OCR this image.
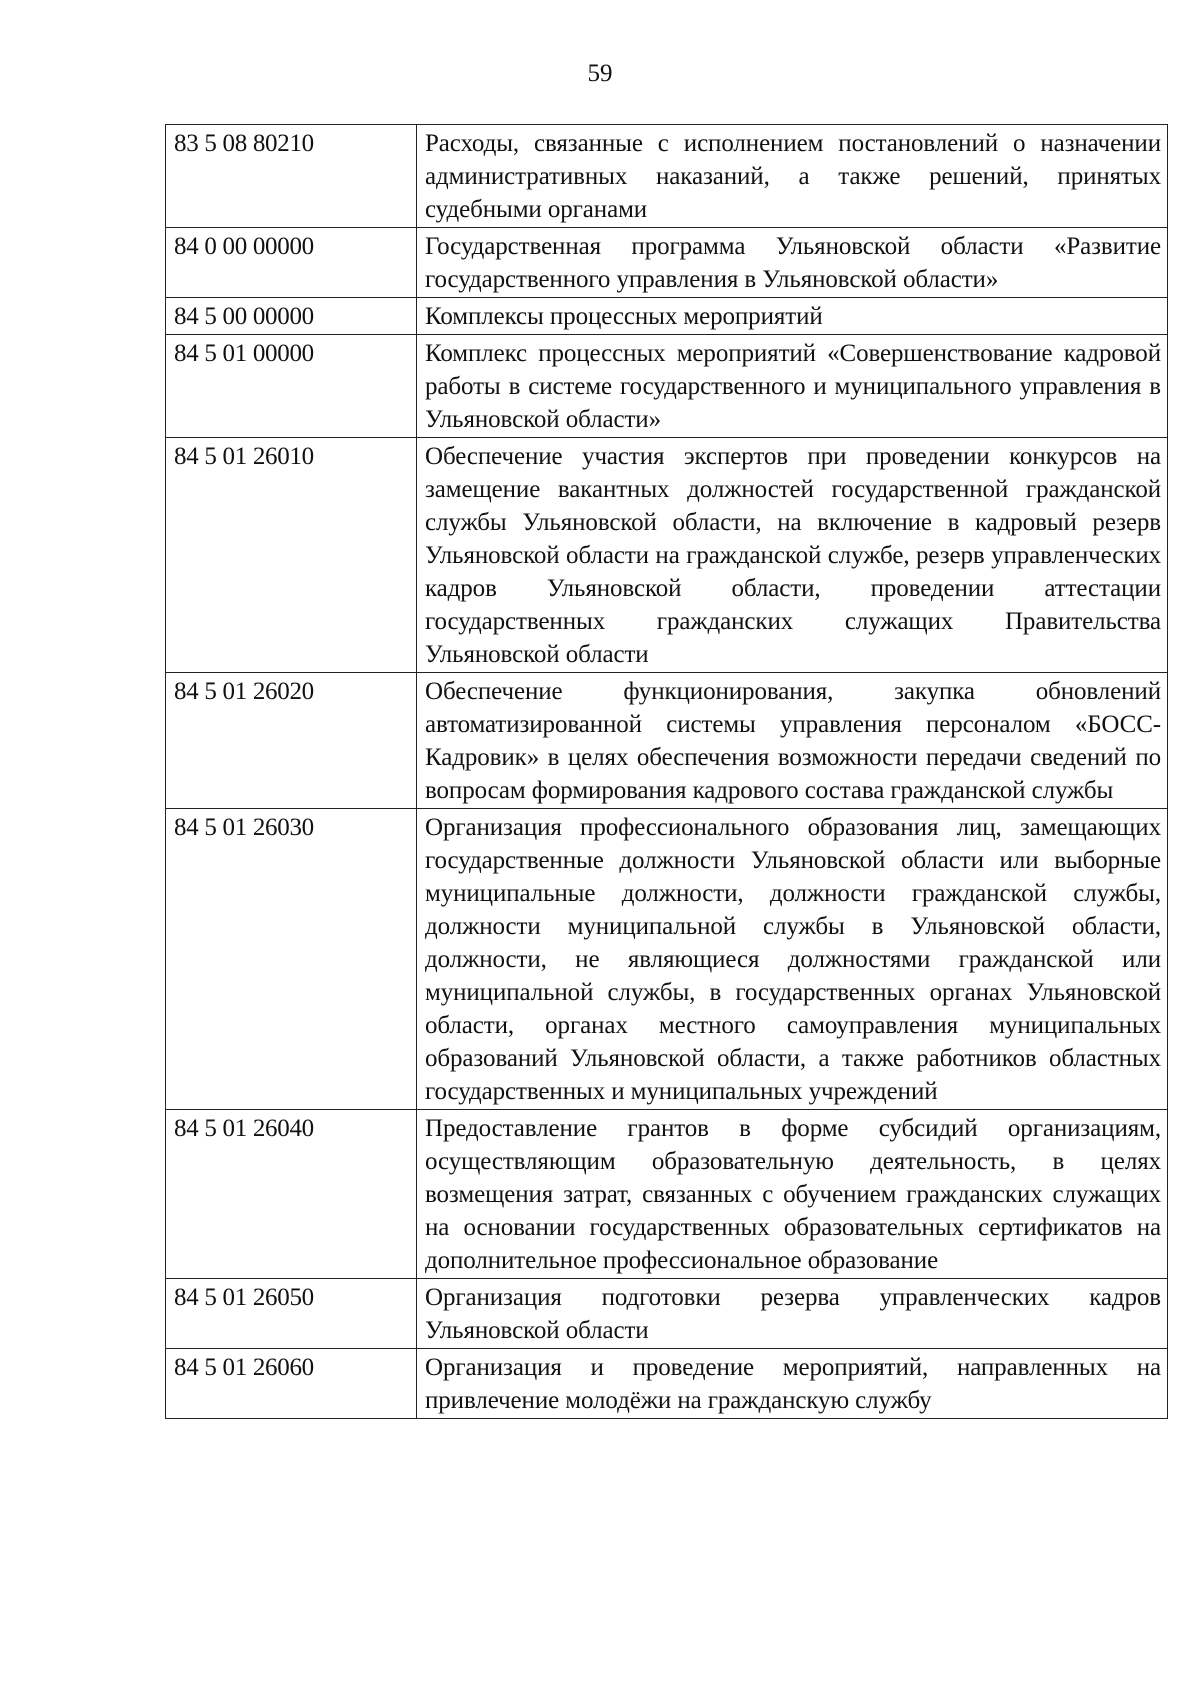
59
83 5 08 80210	Расходы, связанные с исполнением постановлений о назначении административных наказаний, а также решений, принятых судебными органами
84 0 00 00000	Государственная программа Ульяновской области «Развитие государственного управления в Ульяновской области»
84 5 00 00000	Комплексы процессных мероприятий
84 5 01 00000	Комплекс процессных мероприятий «Совершенствование кадровой работы в системе государственного и муниципального управления в Ульяновской области»
84 5 01 26010	Обеспечение участия экспертов при проведении конкурсов на замещение вакантных должностей государственной гражданской службы Ульяновской области, на включение в кадровый резерв Ульяновской области на гражданской службе, резерв управленческих кадров Ульяновской области, проведении аттестации государственных гражданских служащих Правительства Ульяновской области
84 5 01 26020	Обеспечение функционирования, закупка обновлений автоматизированной системы управления персоналом «БОСС-Кадровик» в целях обеспечения возможности передачи сведений по вопросам формирования кадрового состава гражданской службы
84 5 01 26030	Организация профессионального образования лиц, замещающих государственные должности Ульяновской области или выборные муниципальные должности, должности гражданской службы, должности муниципальной службы в Ульяновской области, должности, не являющиеся должностями гражданской или муниципальной службы, в государственных органах Ульяновской области, органах местного самоуправления муниципальных образований Ульяновской области, а также работников областных государственных и муниципальных учреждений
84 5 01 26040	Предоставление грантов в форме субсидий организациям, осуществляющим образовательную деятельность, в целях возмещения затрат, связанных с обучением гражданских служащих на основании государственных образовательных сертификатов на дополнительное профессиональное образование
84 5 01 26050	Организация подготовки резерва управленческих кадров Ульяновской области
84 5 01 26060	Организация и проведение мероприятий, направленных на привлечение молодёжи на гражданскую службу
